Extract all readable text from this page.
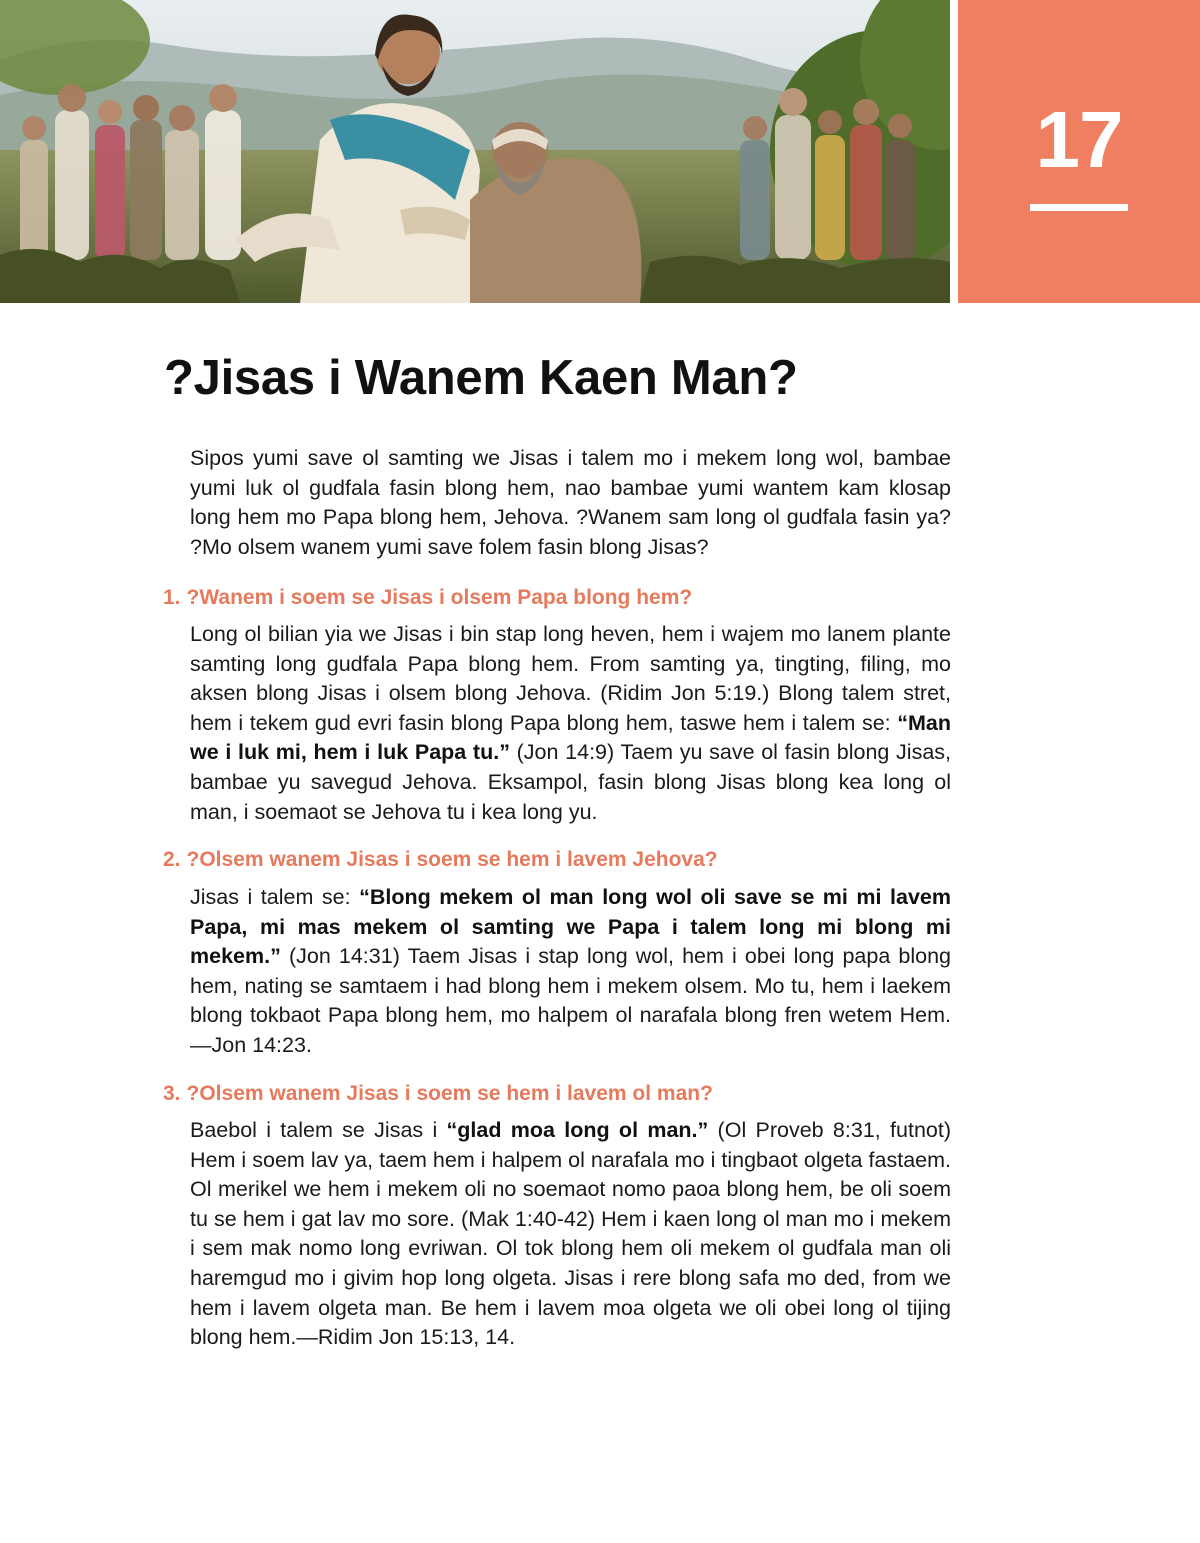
17
?Jisas i Wanem Kaen Man?

Sipos yumi save ol samting we Jisas i talem mo i mekem long wol, bambae yumi luk ol gudfala fasin blong hem, nao bambae yumi wantem kam klosap long hem mo Papa blong hem, Jehova. ?Wanem sam long ol gudfala fasin ya? ?Mo olsem wanem yumi save folem fasin blong Jisas?

1. ?Wanem i soem se Jisas i olsem Papa blong hem?

Long ol bilian yia we Jisas i bin stap long heven, hem i wajem mo lanem plante samting long gudfala Papa blong hem. From samting ya, tingting, filing, mo aksen blong Jisas i olsem blong Jehova. (Ridim Jon 5:19.) Blong talem stret, hem i tekem gud evri fasin blong Papa blong hem, taswe hem i talem se: “Man we i luk mi, hem i luk Papa tu.” (Jon 14:9) Taem yu save ol fasin blong Jisas, bambae yu savegud Jehova. Eksampol, fasin blong Jisas blong kea long ol man, i soemaot se Jehova tu i kea long yu.

2. ?Olsem wanem Jisas i soem se hem i lavem Jehova?

Jisas i talem se: “Blong mekem ol man long wol oli save se mi mi lavem Papa, mi mas mekem ol samting we Papa i talem long mi blong mi mekem.” (Jon 14:31) Taem Jisas i stap long wol, hem i obei long papa blong hem, nating se samtaem i had blong hem i mekem olsem. Mo tu, hem i laekem blong tokbaot Papa blong hem, mo halpem ol narafala blong fren wetem Hem.—Jon 14:23.

3. ?Olsem wanem Jisas i soem se hem i lavem ol man?

Baebol i talem se Jisas i “glad moa long ol man.” (Ol Proveb 8:31, futnot) Hem i soem lav ya, taem hem i halpem ol narafala mo i tingbaot olgeta fastaem. Ol merikel we hem i mekem oli no soemaot nomo paoa blong hem, be oli soem tu se hem i gat lav mo sore. (Mak 1:40-42) Hem i kaen long ol man mo i mekem i sem mak nomo long evriwan. Ol tok blong hem oli mekem ol gudfala man oli haremgud mo i givim hop long olgeta. Jisas i rere blong safa mo ded, from we hem i lavem olgeta man. Be hem i lavem moa olgeta we oli obei long ol tijing blong hem.—Ridim Jon 15:13, 14.
